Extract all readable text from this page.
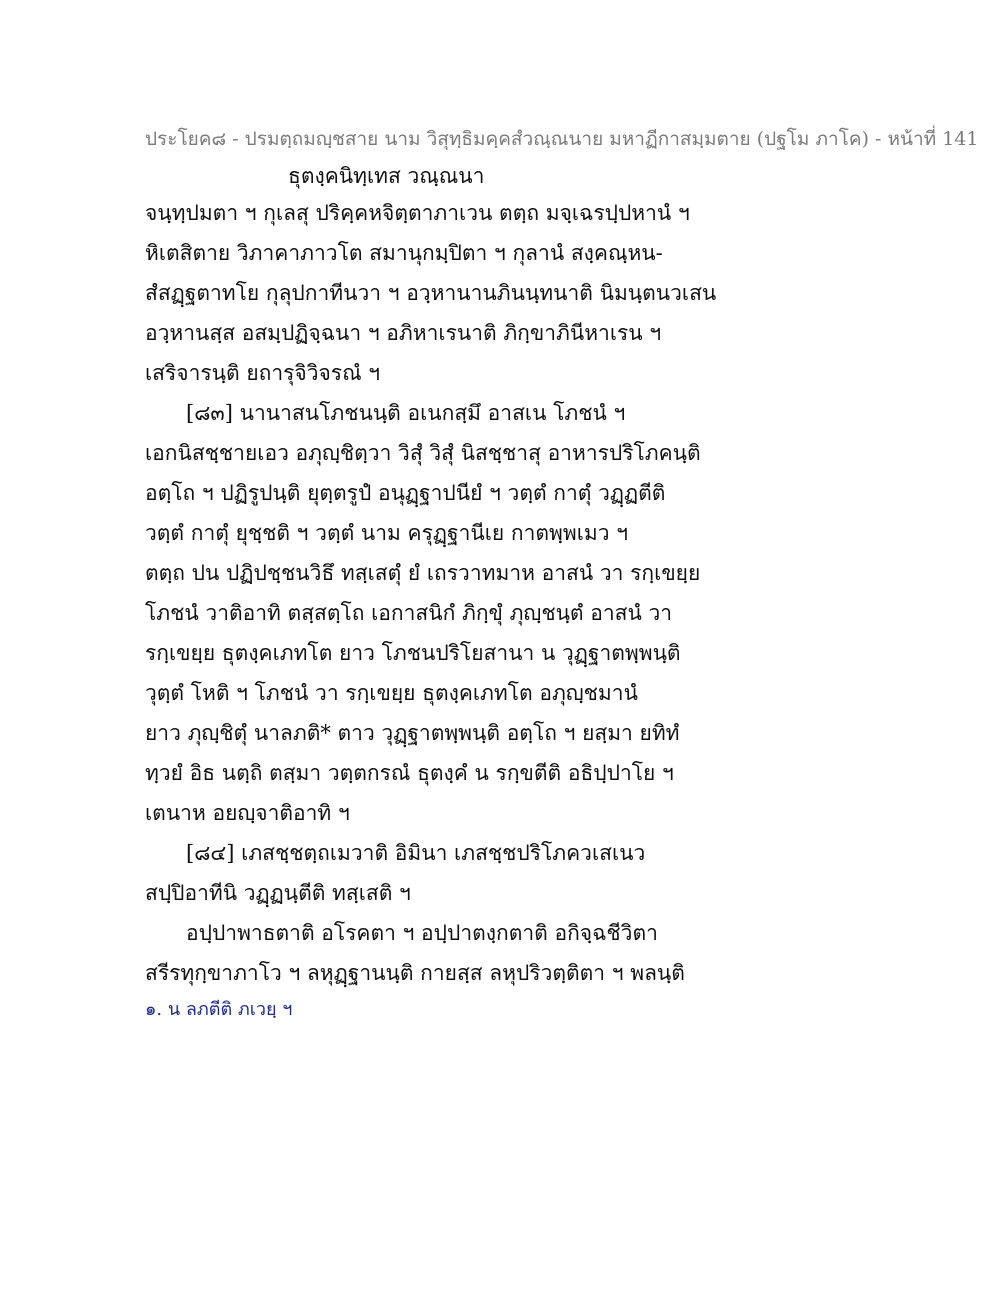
ประโยค๘ - ปรมตฺถมญฺชสาย นาม วิสุทฺธิมคฺคสํวณฺณนาย มหาฏีกาสมฺมตาย (ปฐโม ภาโค) - หน้าที่ 141
ธุตงฺคนิทฺเทส วณฺณนา
จนฺทฺปมตา ฯ กุเลสุ ปริคฺคหจิตฺตาภาเวน ตตฺถ มจฺเฉรปฺปหานํ ฯ
หิเตสิตาย วิภาคาภาวโต สมานุกมฺปิตา ฯ กุลานํ สงฺคณฺหน-
สํสฏฺฐตาทโย กุลุปกาทีนวา ฯ อวฺหานานภินนฺทนาติ นิมนฺตนวเสน
อวฺหานสฺส อสมฺปฏิจฺฉนา ฯ อภิหาเรนาติ ภิกฺขาภินีหาเรน ฯ
เสริจารนฺติ ยถารุจิวิจรณํ ฯ
[๘๓] นานาสนโภชนนฺติ อเนกสฺมึ อาสเน โภชนํ ฯ
เอกนิสชฺชายเอว อภุญฺชิตฺวา วิสุํ วิสุํ นิสชฺชาสุ อาหารปริโภคนฺติ
อตฺโถ ฯ ปฏิรูปนฺติ ยุตฺตรูปํ อนุฏฺฐาปนียํ ฯ วตฺตํ กาตุํ วฏฺฏตีติ
วตฺตํ กาตุํ ยุชฺชติ ฯ วตฺตํ นาม ครุฏฺฐานีเย กาตพฺพเมว ฯ
ตตฺถ ปน ปฏิปชฺชนวิธึ ทสฺเสตุํ ยํ เถรวาทมาห อาสนํ วา รกฺเขยฺย
โภชนํ วาติอาทิ ตสฺสตฺโถ เอกาสนิกํ ภิกฺขุํ ภุญฺชนฺตํ อาสนํ วา
รกฺเขยฺย ธุตงฺคเภทโต ยาว โภชนปริโยสานา น วุฏฺฐาตพฺพนฺติ
วุตฺตํ โหติ ฯ โภชนํ วา รกฺเขยฺย ธุตงฺคเภทโต อภุญฺชมานํ
ยาว ภุญฺชิตุํ นาลภติ* ตาว วุฏฺฐาตพฺพนฺติ อตฺโถ ฯ ยสฺมา ยทิทํ
ทฺวยํ อิธ นตฺถิ ตสฺมา วตฺตกรณํ ธุตงฺคํ น รกฺขตีติ อธิปฺปาโย ฯ
เตนาห อยญฺจาติอาทิ ฯ
[๘๔] เภสชฺชตฺถเมวาติ อิมินา เภสชฺชปริโภควเสเนว
สปฺปิอาทีนิ วฏฺฏนฺตีติ ทสฺเสติ ฯ
อปฺปาพาธตาติ อโรคตา ฯ อปฺปาตงฺกตาติ อกิจฺฉชีวิตา
สรีรทุกฺขาภาโว ฯ ลหุฏฺฐานนฺติ กายสฺส ลหุปริวตฺติตา ฯ พลนฺติ
๑. น ลภตีติ ภเวยฺ ฯ
